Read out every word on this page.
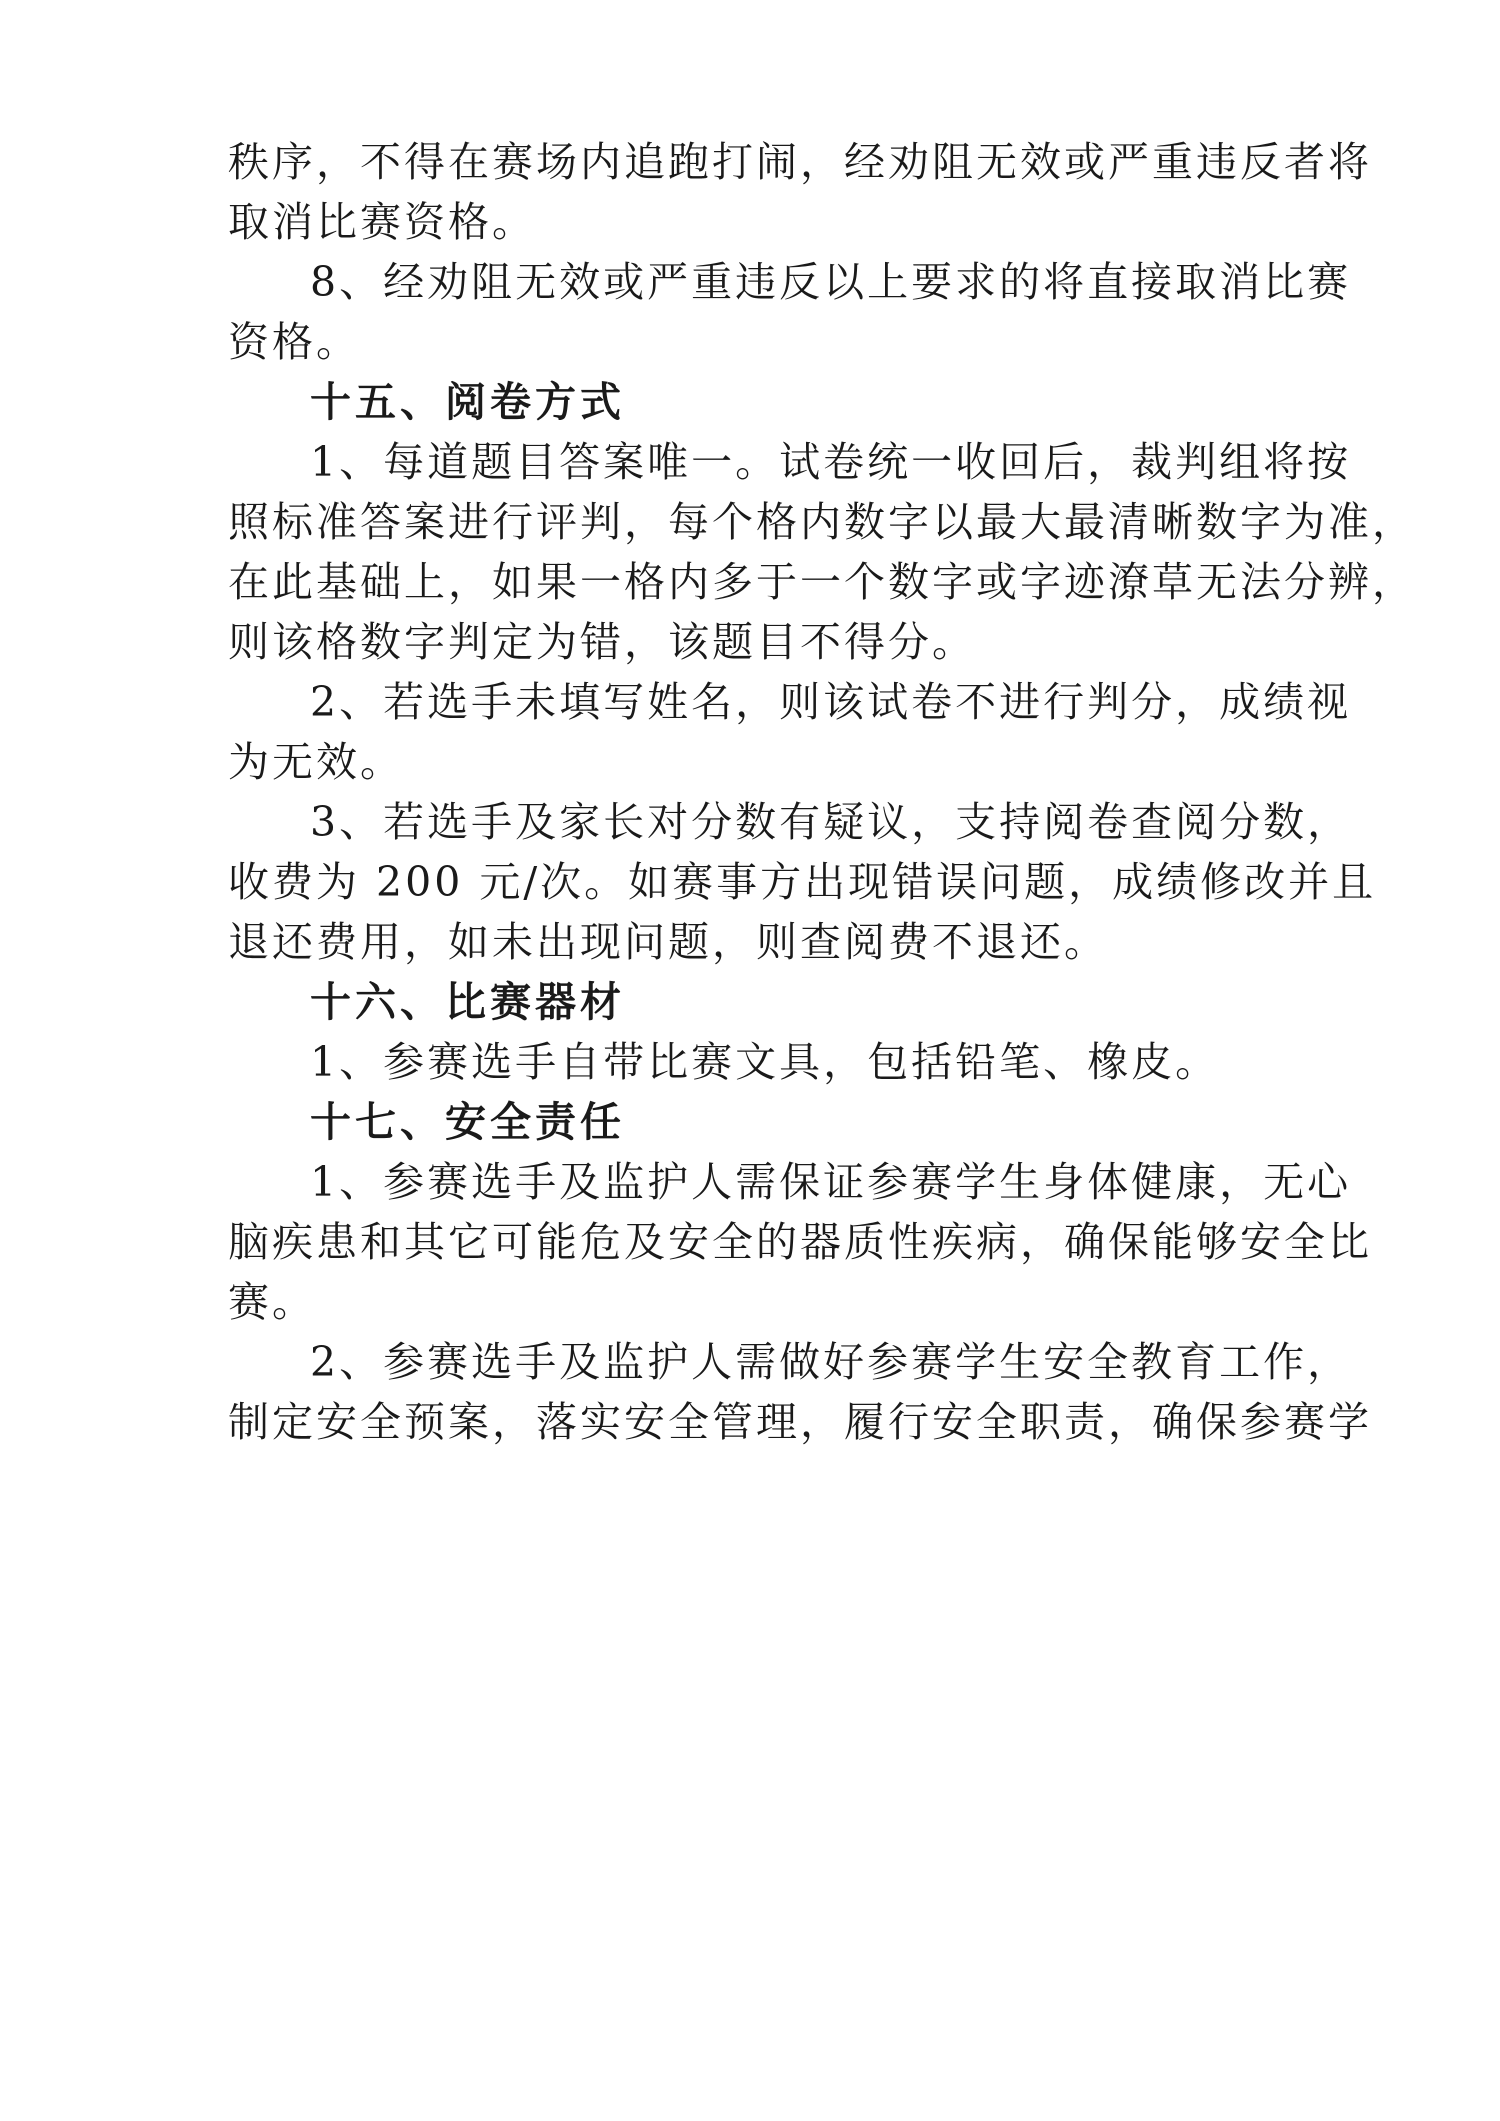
秩序，不得在赛场内追跑打闹，经劝阻无效或严重违反者将
取消比赛资格。
8、经劝阻无效或严重违反以上要求的将直接取消比赛
资格。
十五、阅卷方式
1、每道题目答案唯一。试卷统一收回后，裁判组将按
照标准答案进行评判，每个格内数字以最大最清晰数字为准，
在此基础上，如果一格内多于一个数字或字迹潦草无法分辨，
则该格数字判定为错，该题目不得分。
2、若选手未填写姓名，则该试卷不进行判分，成绩视
为无效。
3、若选手及家长对分数有疑议，支持阅卷查阅分数，
收费为 200 元/次。如赛事方出现错误问题，成绩修改并且
退还费用，如未出现问题，则查阅费不退还。
十六、比赛器材
1、参赛选手自带比赛文具，包括铅笔、橡皮。
十七、安全责任
1、参赛选手及监护人需保证参赛学生身体健康，无心
脑疾患和其它可能危及安全的器质性疾病，确保能够安全比
赛。
2、参赛选手及监护人需做好参赛学生安全教育工作，
制定安全预案，落实安全管理，履行安全职责，确保参赛学
